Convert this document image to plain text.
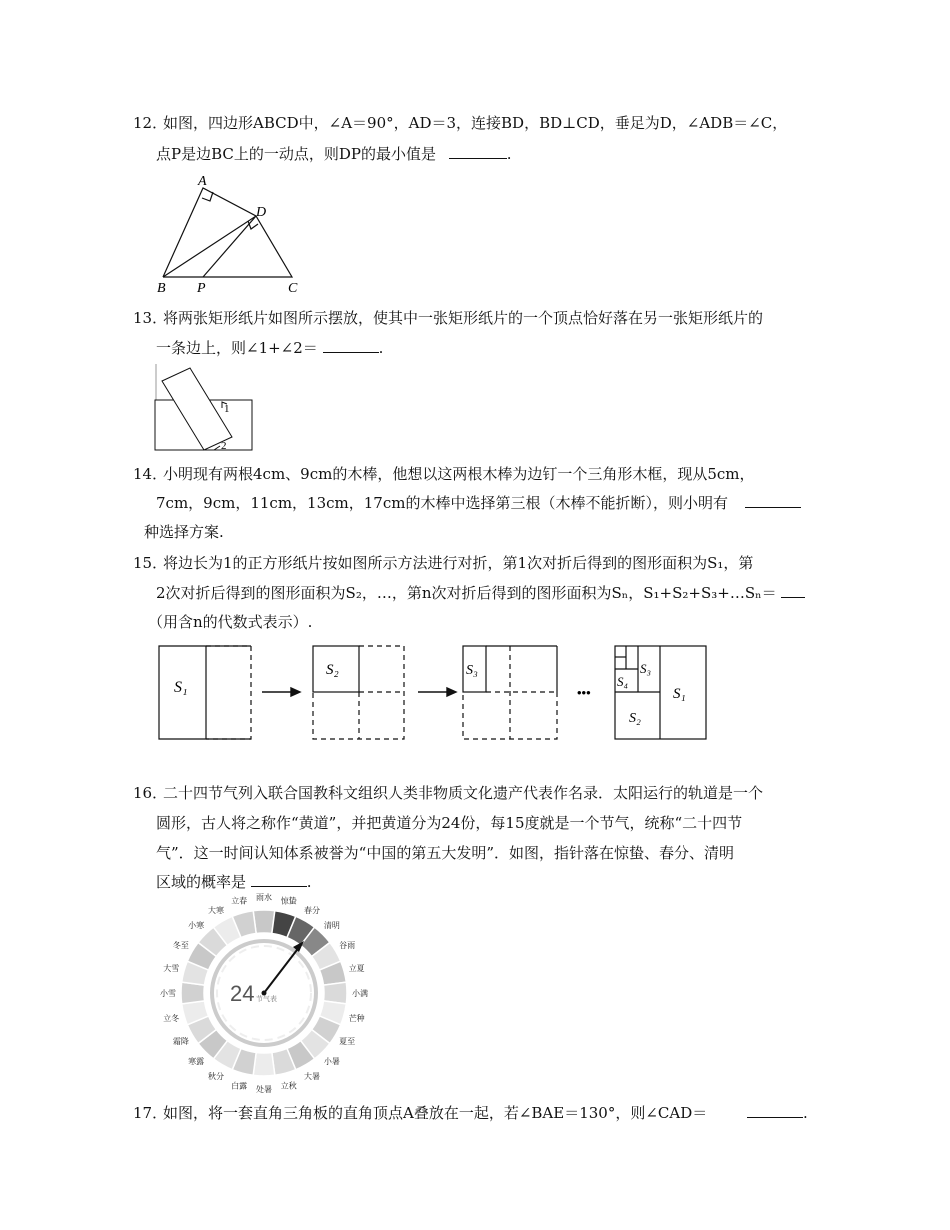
12．
如图，四边形ABCD中，∠A＝90°，AD＝3，连接BD，BD⊥CD，垂足为D，∠ADB＝∠C，
点P是边BC上的一动点，则DP的最小值是	.
A
D
B P	C
13．
将两张矩形纸片如图所示摆放，使其中一张矩形纸片的一个顶点恰好落在另一张矩形纸片的
一条边上，则∠1+∠2＝	.
1
2
14．
小明现有两根4cm、9cm的木棒，他想以这两根木棒为边钉一个三角形木框，现从5cm，
7cm，9cm，11cm，13cm，17cm的木棒中选择第三根（木棒不能折断），则小明有
种选择方案.
15．
将边长为1的正方形纸片按如图所示方法进行对折，第1次对折后得到的图形面积为S₁，第
2次对折后得到的图形面积为S₂，…，第n次对折后得到的图形面积为Sₙ，S₁+S₂+S₃+…Sₙ＝
（用含n的代数式表示）.
•••
S₁
S₂	S₃	S₃
S₄
S₂
S₁
16．
二十四节气列入联合国教科文组织人类非物质文化遗产代表作名录．太阳运行的轨道是一个
圆形，古人将之称作“黄道”，并把黄道分为24份，每15度就是一个节气，统称“二十四节
气”．这一时间认知体系被誉为“中国的第五大发明”．如图，指针落在惊蛰、春分、清明
区域的概率是	.
24 节气表
雨水 惊蛰
春分
清明
谷雨
立夏
小满
芒种
夏至
小暑
大暑
立秋
处暑
白露
秋分
寒露
霜降
立冬
小雪
大雪
冬至
小寒
大寒
立春
17．
如图，将一套直角三角板的直角顶点A叠放在一起，若∠BAE＝130°，则∠CAD＝	.
